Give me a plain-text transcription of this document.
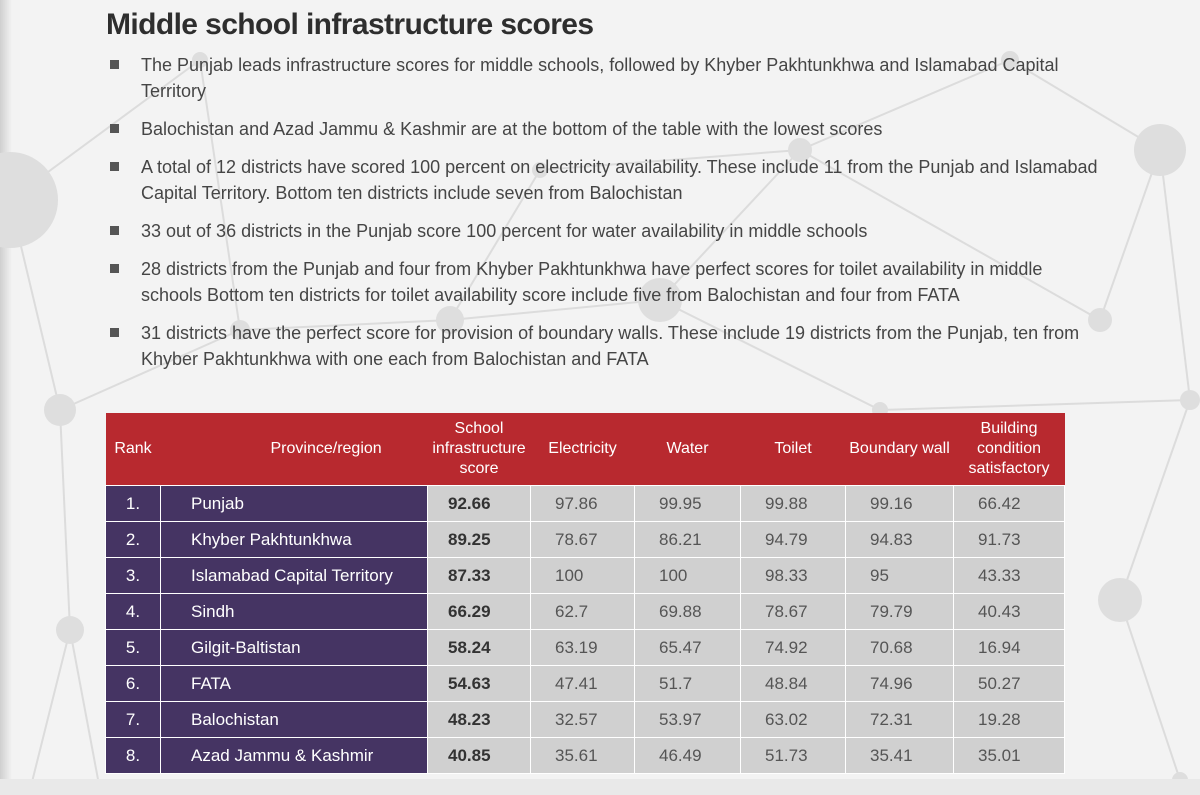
Middle school infrastructure scores
The Punjab leads infrastructure scores for middle schools, followed by Khyber Pakhtunkhwa and Islamabad Capital Territory
Balochistan and Azad Jammu & Kashmir are at the bottom of the table with the lowest scores
A total of 12 districts have scored 100 percent on electricity availability. These include 11 from the Punjab and Islamabad Capital Territory. Bottom ten districts include seven from Balochistan
33 out of 36 districts in the Punjab score 100 percent for water availability in middle schools
28 districts from the Punjab and four from Khyber Pakhtunkhwa have perfect scores for toilet availability in middle schools Bottom ten districts for toilet availability score include five from Balochistan and four from FATA
31 districts have the perfect score for provision of boundary walls. These include 19 districts from the Punjab, ten from Khyber Pakhtunkhwa with one each from Balochistan and FATA
Rank	Province/region	School infrastructure score	Electricity	Water	Toilet	Boundary wall	Building condition satisfactory
1.	Punjab	92.66	97.86	99.95	99.88	99.16	66.42
2.	Khyber Pakhtunkhwa	89.25	78.67	86.21	94.79	94.83	91.73
3.	Islamabad Capital Territory	87.33	100	100	98.33	95	43.33
4.	Sindh	66.29	62.7	69.88	78.67	79.79	40.43
5.	Gilgit-Baltistan	58.24	63.19	65.47	74.92	70.68	16.94
6.	FATA	54.63	47.41	51.7	48.84	74.96	50.27
7.	Balochistan	48.23	32.57	53.97	63.02	72.31	19.28
8.	Azad Jammu & Kashmir	40.85	35.61	46.49	51.73	35.41	35.01
